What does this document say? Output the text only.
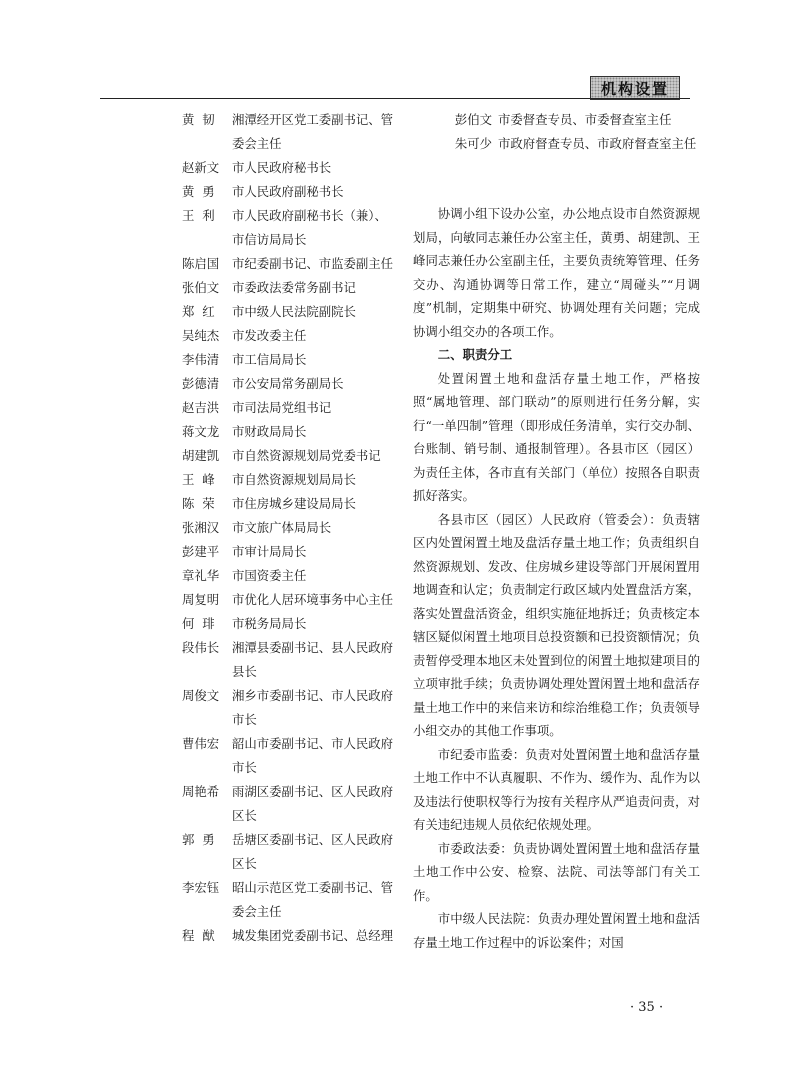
机构设置
黄  韧	湘潭经开区党工委副书记、管委会主任
赵新文	市人民政府秘书长
黄  勇	市人民政府副秘书长
王  利	市人民政府副秘书长（兼）、市信访局局长
陈启国	市纪委副书记、市监委副主任
张伯文	市委政法委常务副书记
郑  红	市中级人民法院副院长
吴纯杰	市发改委主任
李伟清	市工信局局长
彭德清	市公安局常务副局长
赵吉洪	市司法局党组书记
蒋文龙	市财政局局长
胡建凯	市自然资源规划局党委书记
王  峰	市自然资源规划局局长
陈  荣	市住房城乡建设局局长
张湘汉	市文旅广体局局长
彭建平	市审计局局长
章礼华	市国资委主任
周复明	市优化人居环境事务中心主任
何  琲	市税务局局长
段伟长	湘潭县委副书记、县人民政府县长
周俊文	湘乡市委副书记、市人民政府市长
曹伟宏	韶山市委副书记、市人民政府市长
周艳希	雨湖区委副书记、区人民政府区长
郭  勇	岳塘区委副书记、区人民政府区长
李宏钰	昭山示范区党工委副书记、管委会主任
程  猷	城发集团党委副书记、总经理
彭伯文 市委督查专员、市委督查室主任
朱可少 市政府督查专员、市政府督查室主任

协调小组下设办公室，办公地点设市自然资源规划局，向敏同志兼任办公室主任，黄勇、胡建凯、王峰同志兼任办公室副主任，主要负责统筹管理、任务交办、沟通协调等日常工作，建立“周碰头”“月调度”机制，定期集中研究、协调处理有关问题；完成协调小组交办的各项工作。

二、职责分工

处置闲置土地和盘活存量土地工作，严格按照“属地管理、部门联动”的原则进行任务分解，实行“一单四制”管理（即形成任务清单，实行交办制、台账制、销号制、通报制管理）。各县市区（园区）为责任主体，各市直有关部门（单位）按照各自职责抓好落实。

各县市区（园区）人民政府（管委会）：负责辖区内处置闲置土地及盘活存量土地工作；负责组织自然资源规划、发改、住房城乡建设等部门开展闲置用地调查和认定；负责制定行政区域内处置盘活方案，落实处置盘活资金，组织实施征地拆迁；负责核定本辖区疑似闲置土地项目总投资额和已投资额情况；负责暂停受理本地区未处置到位的闲置土地拟建项目的立项审批手续；负责协调处理处置闲置土地和盘活存量土地工作中的来信来访和综治维稳工作；负责领导小组交办的其他工作事项。

市纪委市监委：负责对处置闲置土地和盘活存量土地工作中不认真履职、不作为、缓作为、乱作为以及违法行使职权等行为按有关程序从严追责问责，对有关违纪违规人员依纪依规处理。

市委政法委：负责协调处置闲置土地和盘活存量土地工作中公安、检察、法院、司法等部门有关工作。

市中级人民法院：负责办理处置闲置土地和盘活存量土地工作过程中的诉讼案件；对国

· 35 ·
